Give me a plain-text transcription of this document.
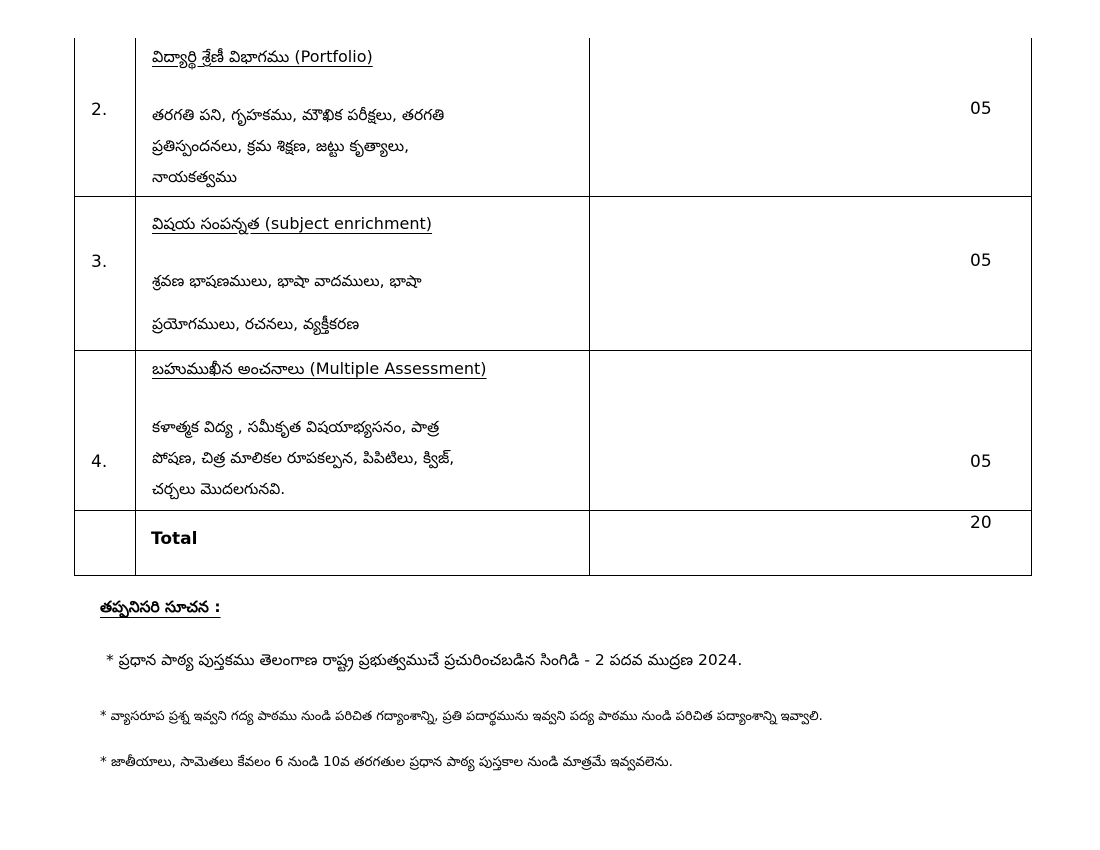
2.
విద్యార్థి శ్రేణీ విభాగము (Portfolio)
తరగతి పని, గృహకము, మౌఖిక పరీక్షలు, తరగతి
ప్రతిస్పందనలు, క్రమ శిక్షణ, జట్టు కృత్యాలు,
నాయకత్వము
05
3.
విషయ సంపన్నత (subject enrichment)
శ్రవణ భాషణములు, భాషా వాదములు, భాషా
ప్రయోగములు, రచనలు, వ్యక్తీకరణ
05
4.
బహుముఖీన అంచనాలు (Multiple Assessment)
కళాత్మక విద్య , సమీకృత విషయాభ్యసనం, పాత్ర
పోషణ, చిత్ర మాలికల రూపకల్పన, పిపిటిలు, క్విజ్,
చర్చలు మొదలగునవి.
05
Total
20
తప్పనిసరి సూచన :
* ప్రధాన పాఠ్య పుస్తకము తెలంగాణ రాష్ట్ర ప్రభుత్వముచే ప్రచురించబడిన సింగిడి - 2 పదవ ముద్రణ 2024.
* వ్యాసరూప ప్రశ్న ఇవ్వని గద్య పాఠము నుండి పరిచిత గద్యాంశాన్ని, ప్రతి పదార్థమును ఇవ్వని పద్య పాఠము నుండి పరిచిత పద్యాంశాన్ని ఇవ్వాలి.
* జాతీయాలు, సామెతలు కేవలం 6 నుండి 10వ తరగతుల ప్రధాన పాఠ్య పుస్తకాల నుండి మాత్రమే ఇవ్వవలెను.
